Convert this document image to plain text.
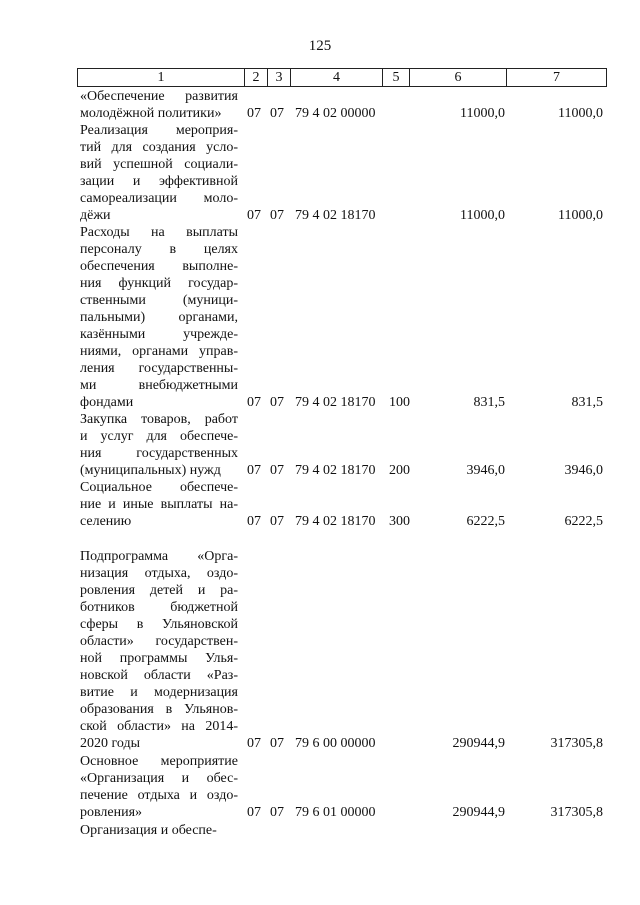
125
1	2	3	4	5	6	7
«Обеспечение развития
молодёжной политики»	07 07 79 4 02 00000	11000,0	11000,0
Реализация мероприя-
тий для создания усло-
вий успешной социали-
зации и эффективной
самореализации моло-
дёжи	07 07 79 4 02 18170	11000,0	11000,0
Расходы на выплаты
персоналу в целях
обеспечения выполне-
ния функций государ-
ственными (муници-
пальными) органами,
казёнными учрежде-
ниями, органами управ-
ления государственны-
ми внебюджетными
фондами	07 07 79 4 02 18170 100	831,5	831,5
Закупка товаров, работ
и услуг для обеспече-
ния государственных
(муниципальных) нужд	07 07 79 4 02 18170 200	3946,0	3946,0
Социальное обеспече-
ние и иные выплаты на-
селению	07 07 79 4 02 18170 300	6222,5	6222,5
Подпрограмма «Орга-
низация отдыха, оздо-
ровления детей и ра-
ботников бюджетной
сферы в Ульяновской
области» государствен-
ной программы Улья-
новской области «Раз-
витие и модернизация
образования в Ульянов-
ской области» на 2014-
2020 годы	07 07 79 6 00 00000	290944,9	317305,8
Основное мероприятие
«Организация и обес-
печение отдыха и оздо-
ровления»	07 07 79 6 01 00000	290944,9	317305,8
Организация и обеспе-
